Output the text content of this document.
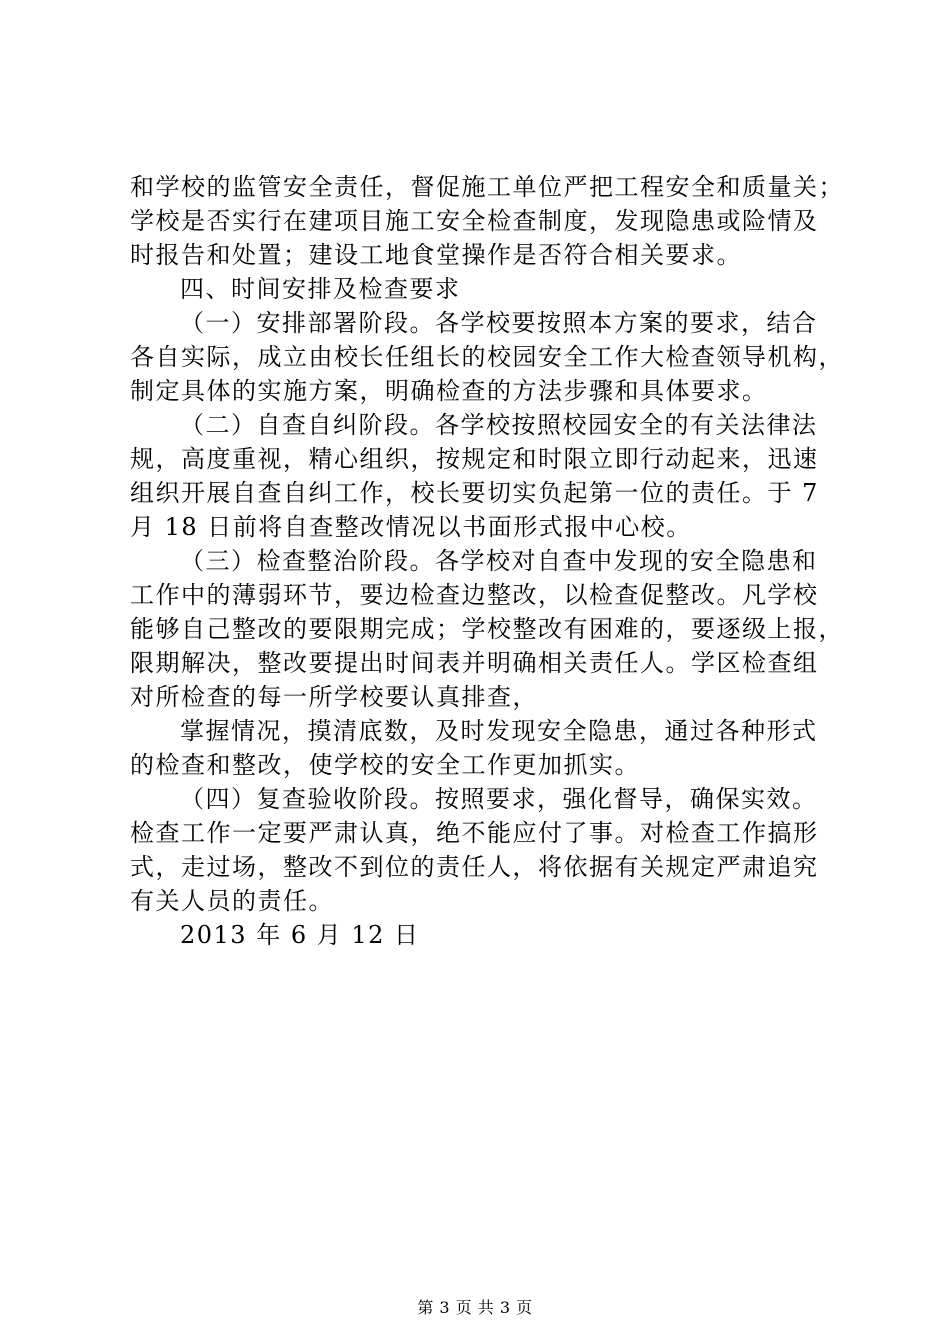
和学校的监管安全责任，督促施工单位严把工程安全和质量关；
学校是否实行在建项目施工安全检查制度，发现隐患或险情及
时报告和处置；建设工地食堂操作是否符合相关要求。
四、时间安排及检查要求
（一）安排部署阶段。各学校要按照本方案的要求，结合
各自实际，成立由校长任组长的校园安全工作大检查领导机构，
制定具体的实施方案，明确检查的方法步骤和具体要求。
（二）自查自纠阶段。各学校按照校园安全的有关法律法
规，高度重视，精心组织，按规定和时限立即行动起来，迅速
组织开展自查自纠工作，校长要切实负起第一位的责任。于 7
月 18 日前将自查整改情况以书面形式报中心校。
（三）检查整治阶段。各学校对自查中发现的安全隐患和
工作中的薄弱环节，要边检查边整改，以检查促整改。凡学校
能够自己整改的要限期完成；学校整改有困难的，要逐级上报，
限期解决，整改要提出时间表并明确相关责任人。学区检查组
对所检查的每一所学校要认真排查，
掌握情况，摸清底数，及时发现安全隐患，通过各种形式
的检查和整改，使学校的安全工作更加抓实。
（四）复查验收阶段。按照要求，强化督导，确保实效。
检查工作一定要严肃认真，绝不能应付了事。对检查工作搞形
式，走过场，整改不到位的责任人，将依据有关规定严肃追究
有关人员的责任。
2013 年 6 月 12 日
第 3 页 共 3 页
